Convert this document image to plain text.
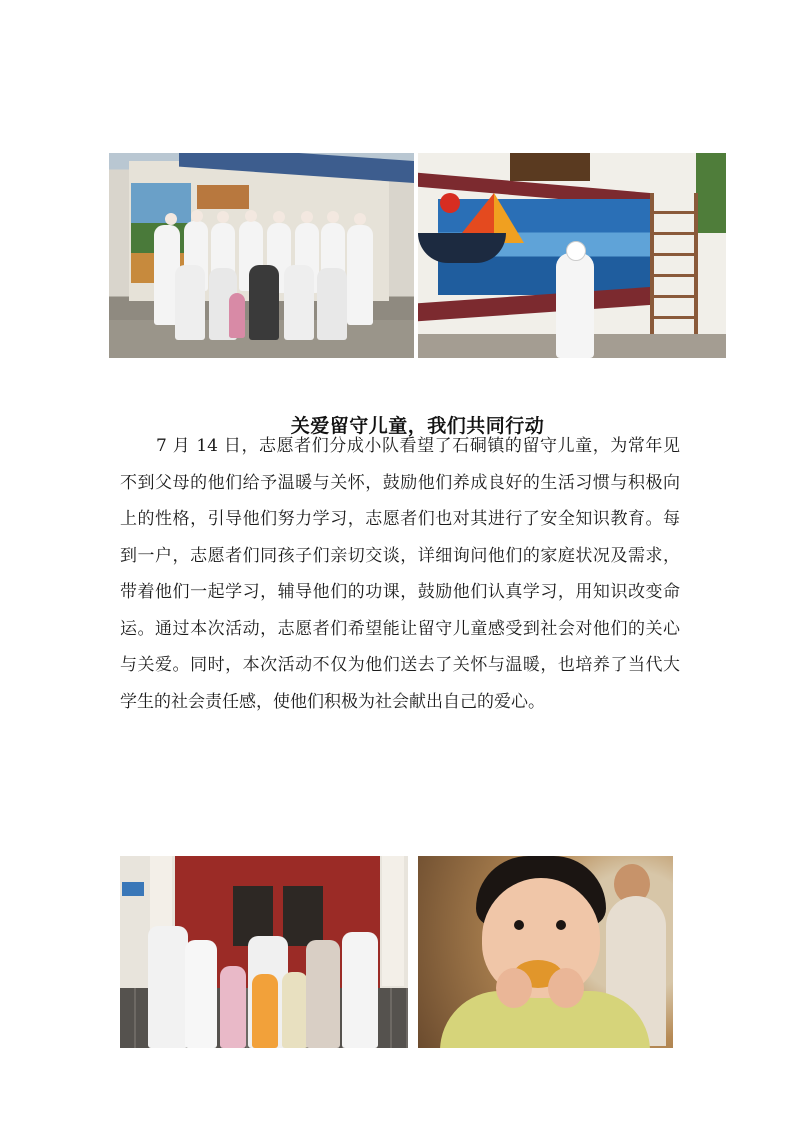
关爱留守儿童，我们共同行动

7 月 14 日，志愿者们分成小队看望了石硐镇的留守儿童，为常年见不到父母的他们给予温暖与关怀，鼓励他们养成良好的生活习惯与积极向上的性格，引导他们努力学习，志愿者们也对其进行了安全知识教育。每到一户，志愿者们同孩子们亲切交谈，详细询问他们的家庭状况及需求，带着他们一起学习，辅导他们的功课，鼓励他们认真学习，用知识改变命运。通过本次活动，志愿者们希望能让留守儿童感受到社会对他们的关心与关爱。同时，本次活动不仅为他们送去了关怀与温暖，也培养了当代大学生的社会责任感，使他们积极为社会献出自己的爱心。
